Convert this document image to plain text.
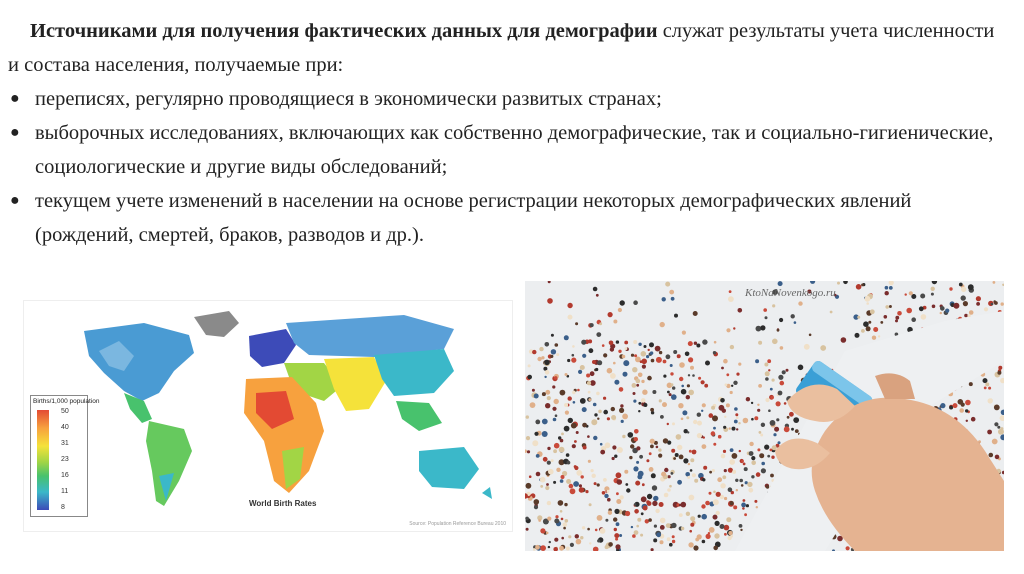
Источниками для получения фактических данных для демографии служат результаты учета численности и состава населения, получаемые при:

● переписях, регулярно проводящиеся в экономически развитых странах;
● выборочных исследованиях, включающих как собственно демографические, так и социально-гигиенические, социологические и другие виды обследований;
● текущем учете изменений в населении на основе регистрации некоторых демографических явлений (рождений, смертей, браков, разводов и др.).
Births/1,000 population
50
40
31
23
16
11
8	World Birth Rates
Source: Population Reference Bureau 2010
KtoNaNovenkogo.ru
